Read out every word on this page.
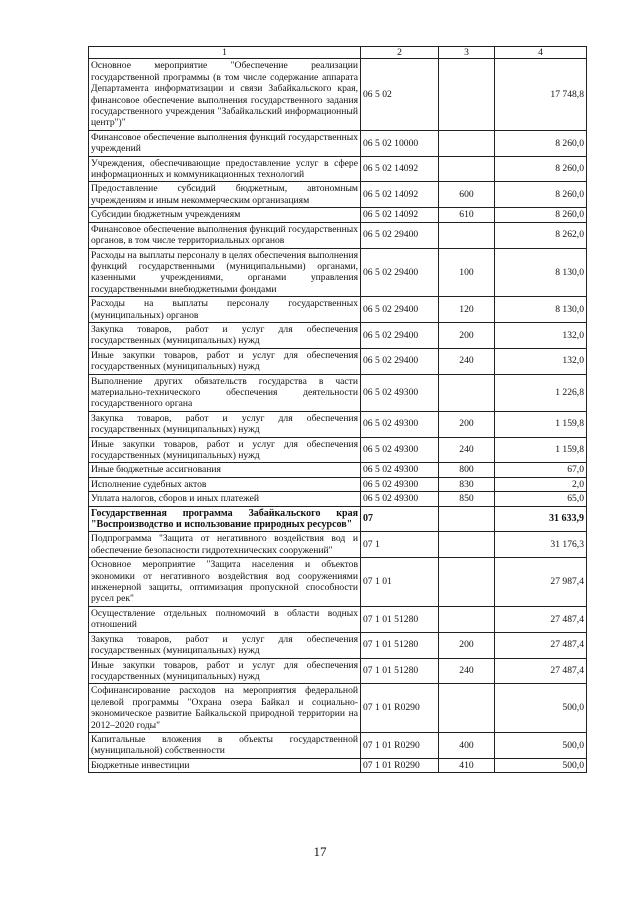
1	2	3	4
Основное мероприятие "Обеспечение реализации государственной программы (в том числе содержание аппарата Департамента информатизации и связи Забайкальского края, финансовое обеспечение выполнения государственного задания государственного учреждения "Забайкальский информационный центр")"	06 5 02		17 748,8
Финансовое обеспечение выполнения функций государственных учреждений	06 5 02 10000		8 260,0
Учреждения, обеспечивающие предоставление услуг в сфере информационных и коммуникационных технологий	06 5 02 14092		8 260,0
Предоставление субсидий бюджетным, автономным учреждениям и иным некоммерческим организациям	06 5 02 14092	600	8 260,0
Субсидии бюджетным учреждениям	06 5 02 14092	610	8 260,0
Финансовое обеспечение выполнения функций государственных органов, в том числе территориальных органов	06 5 02 29400		8 262,0
Расходы на выплаты персоналу в целях обеспечения выполнения функций государственными (муниципальными) органами, казенными учреждениями, органами управления государственными внебюджетными фондами	06 5 02 29400	100	8 130,0
Расходы на выплаты персоналу государственных (муниципальных) органов	06 5 02 29400	120	8 130,0
Закупка товаров, работ и услуг для обеспечения государственных (муниципальных) нужд	06 5 02 29400	200	132,0
Иные закупки товаров, работ и услуг для обеспечения государственных (муниципальных) нужд	06 5 02 29400	240	132,0
Выполнение других обязательств государства в части материально-технического обеспечения деятельности государственного органа	06 5 02 49300		1 226,8
Закупка товаров, работ и услуг для обеспечения государственных (муниципальных) нужд	06 5 02 49300	200	1 159,8
Иные закупки товаров, работ и услуг для обеспечения государственных (муниципальных) нужд	06 5 02 49300	240	1 159,8
Иные бюджетные ассигнования	06 5 02 49300	800	67,0
Исполнение судебных актов	06 5 02 49300	830	2,0
Уплата налогов, сборов и иных платежей	06 5 02 49300	850	65,0
Государственная программа Забайкальского края "Воспроизводство и использование природных ресурсов"	07		31 633,9
Подпрограмма "Защита от негативного воздействия вод и обеспечение безопасности гидротехнических сооружений"	07 1		31 176,3
Основное мероприятие "Защита населения и объектов экономики от негативного воздействия вод сооружениями инженерной защиты, оптимизация пропускной способности русел рек"	07 1 01		27 987,4
Осуществление отдельных полномочий в области водных отношений	07 1 01 51280		27 487,4
Закупка товаров, работ и услуг для обеспечения государственных (муниципальных) нужд	07 1 01 51280	200	27 487,4
Иные закупки товаров, работ и услуг для обеспечения государственных (муниципальных) нужд	07 1 01 51280	240	27 487,4
Софинансирование расходов на мероприятия федеральной целевой программы "Охрана озера Байкал и социально-экономическое развитие Байкальской природной территории на 2012–2020 годы"	07 1 01 R0290		500,0
Капитальные вложения в объекты государственной (муниципальной) собственности	07 1 01 R0290	400	500,0
Бюджетные инвестиции	07 1 01 R0290	410	500,0
17
